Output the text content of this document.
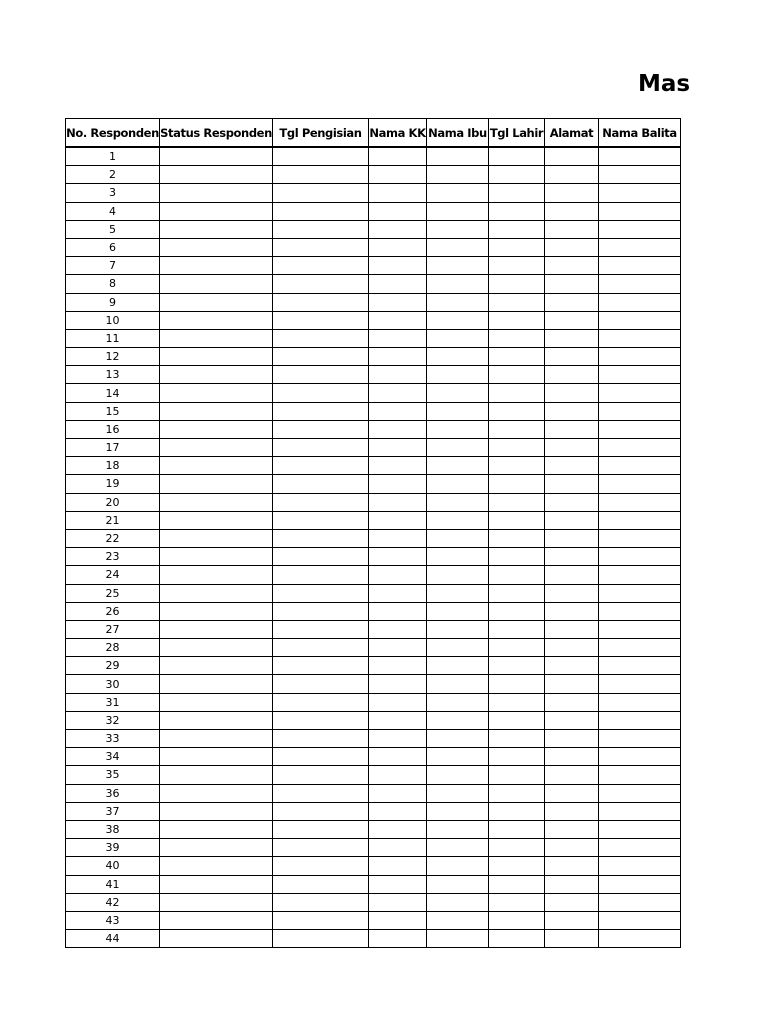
Mas
No. Responden	Status Responden	Tgl Pengisian	Nama KK	Nama Ibu	Tgl Lahir	Alamat	Nama Balita
1							
2							
3							
4							
5							
6							
7							
8							
9							
10							
11							
12							
13							
14							
15							
16							
17							
18							
19							
20							
21							
22							
23							
24							
25							
26							
27							
28							
29							
30							
31							
32							
33							
34							
35							
36							
37							
38							
39							
40							
41							
42							
43							
44							
